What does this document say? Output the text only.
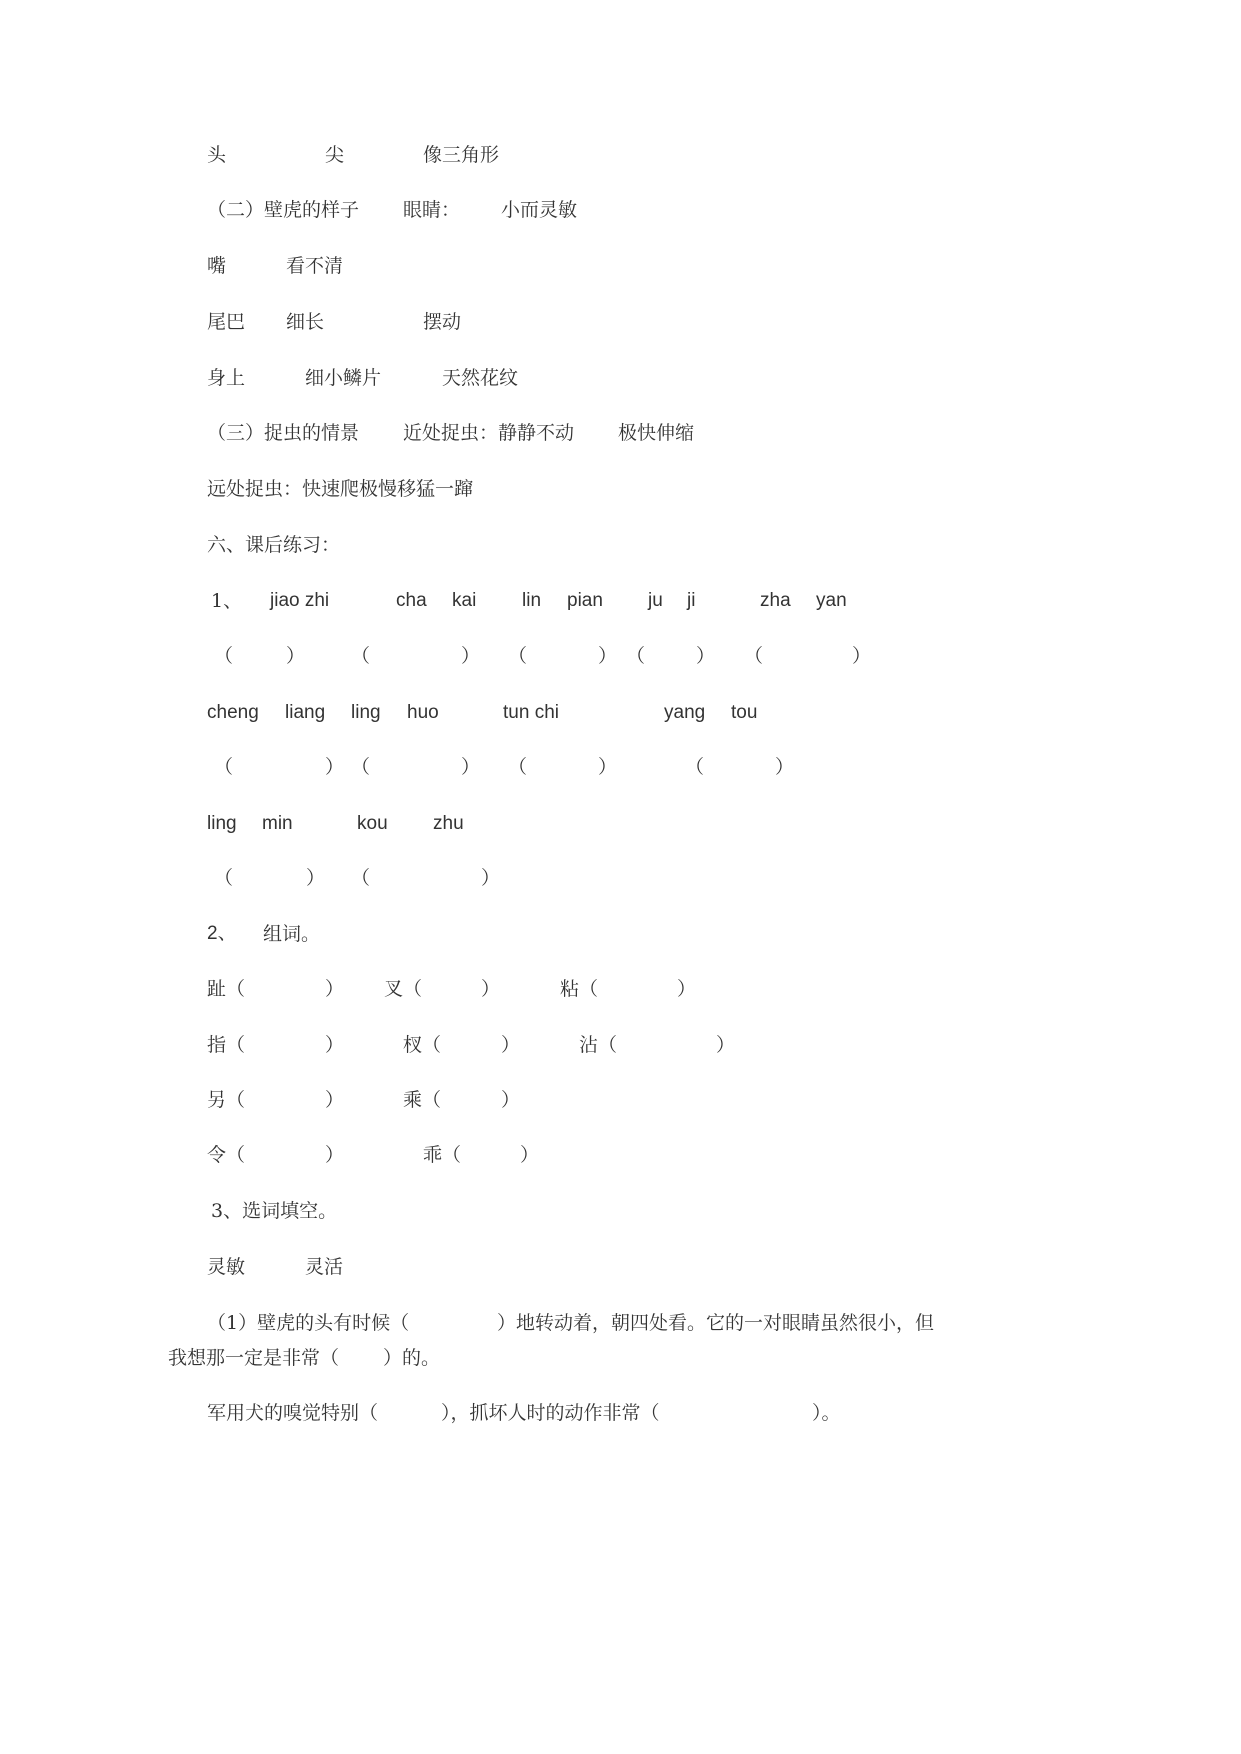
头	尖	像三角形
（二）壁虎的样子 眼睛： 小而灵敏
嘴	看不清
尾巴 细长	摆动
身上	细小鳞片	天然花纹
（三）捉虫的情景 近处捉虫：静静不动 极快伸缩
远处捉虫：快速爬极慢移猛一蹿
六、课后练习：
1、 jiao zhi	cha kai lin pian ju ji	zha yan
（	） （	） （	） （	） （	）
cheng liang ling huo	tun chi	yang tou
（	） （	） （	）	（	）
ling min	kou zhu
（	） （	）
2、 组词。
趾（	） 叉（	）	粘（	）
指（	）	杈（	）	沾（	）
另（	）	乘（	）
令（	）	乖（	）
3、选词填空。
灵敏	灵活
（1）壁虎的头有时候（	）地转动着，朝四处看。它的一对眼睛虽然很小，但
我想那一定是非常（ ）的。
军用犬的嗅觉特别（	），抓坏人时的动作非常（	）。
